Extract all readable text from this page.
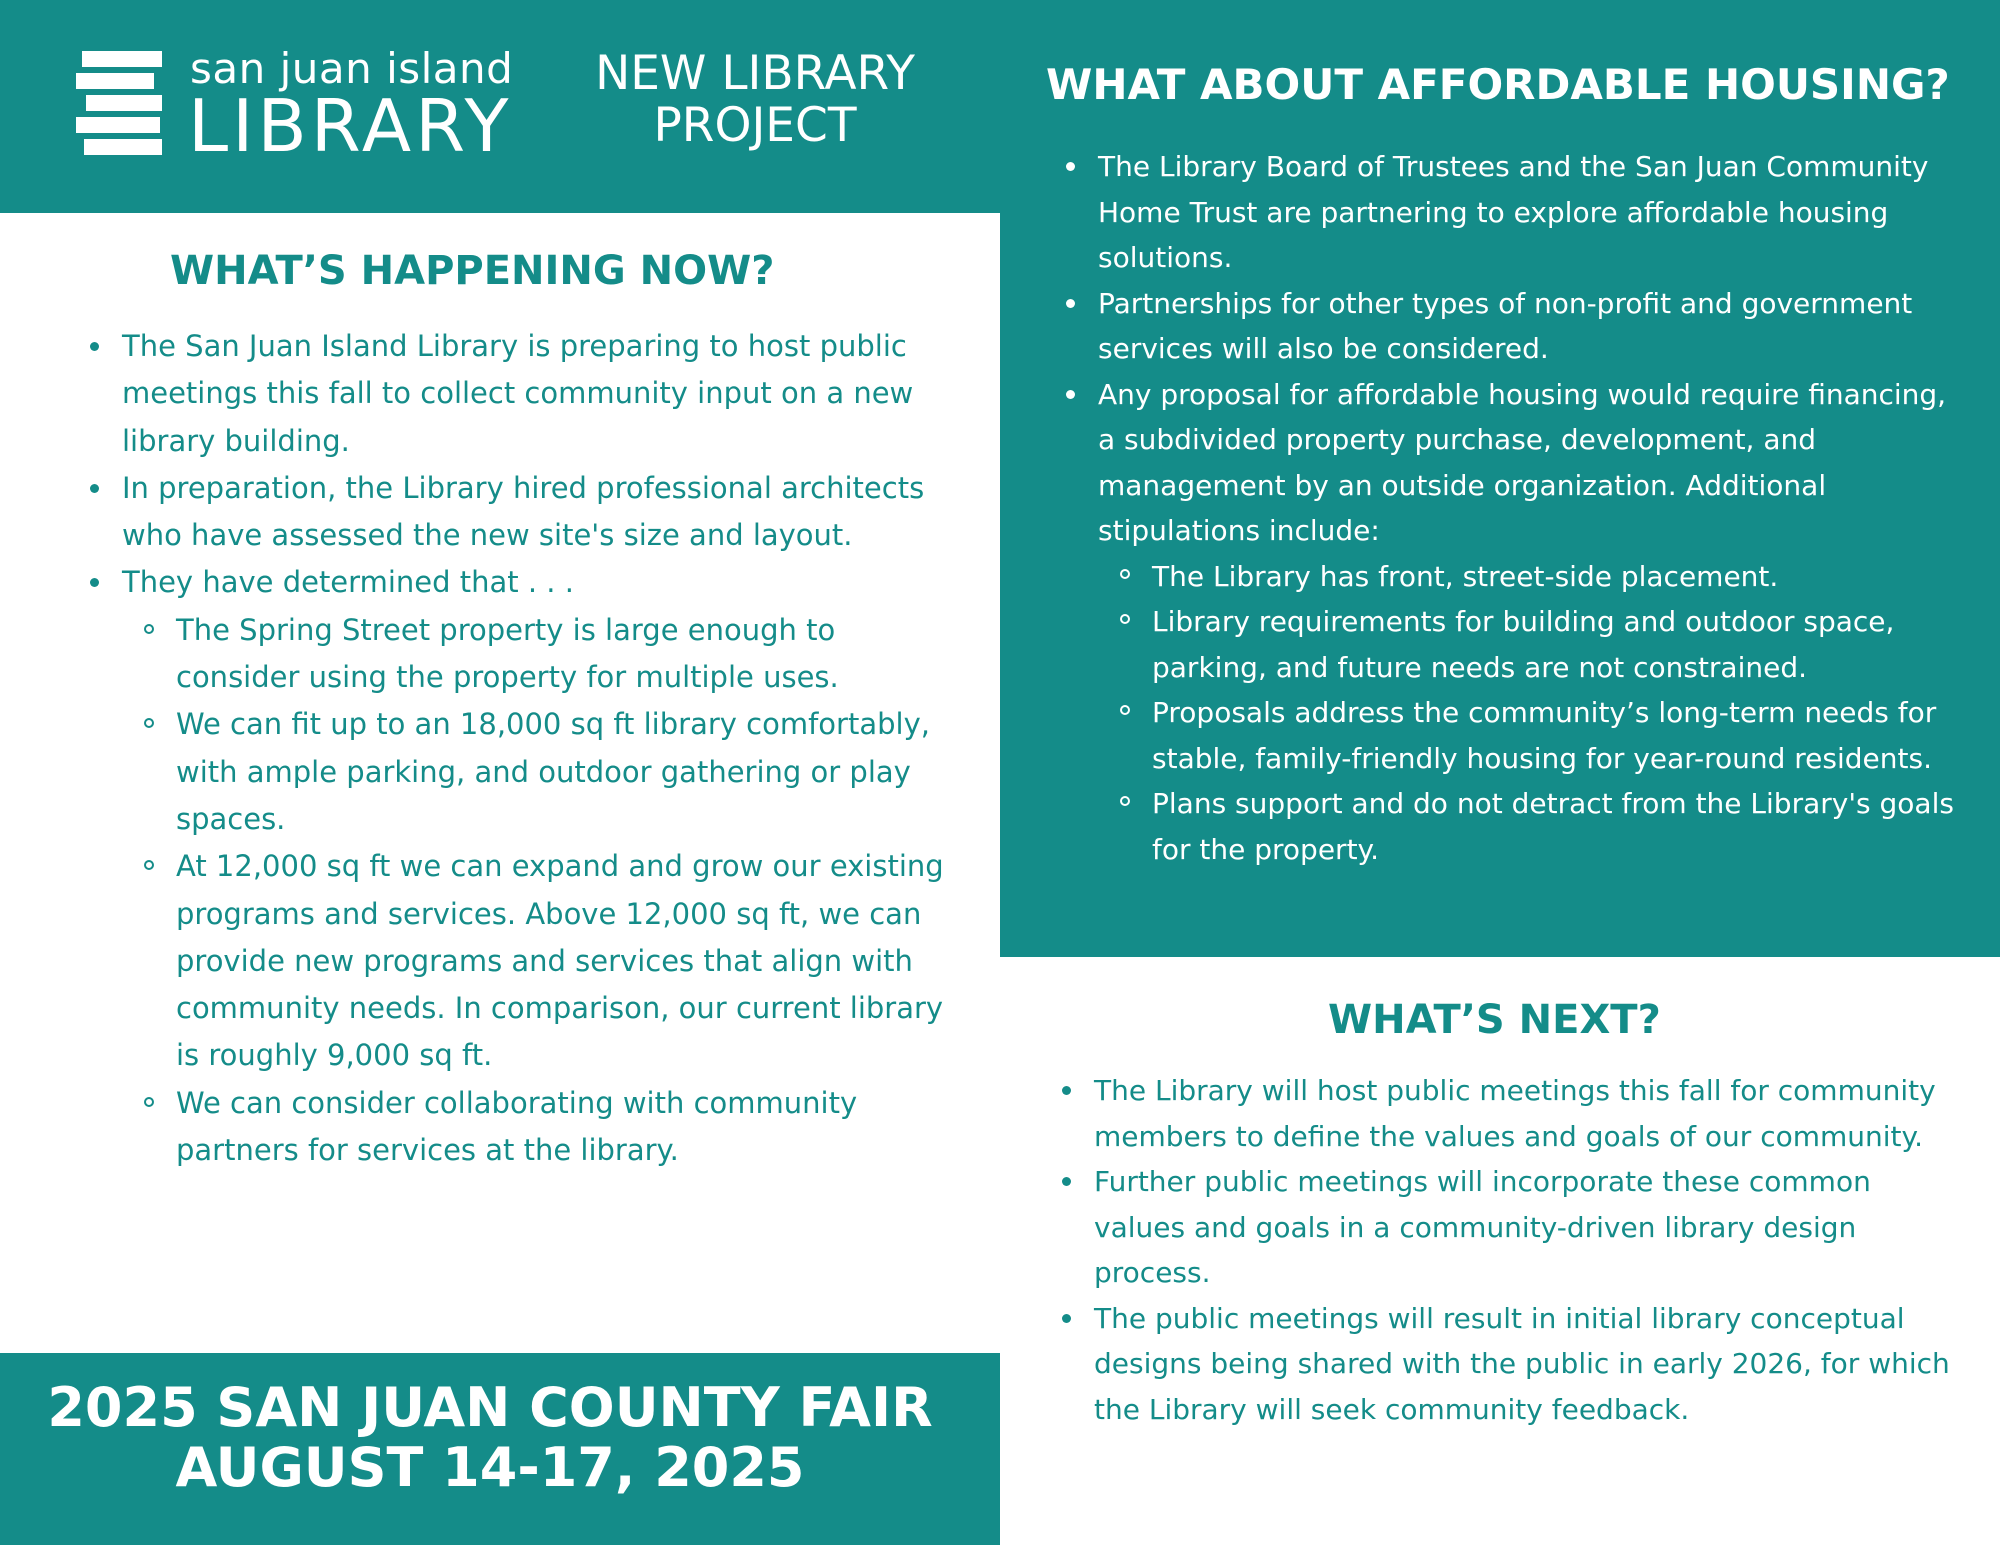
san juan island
LIBRARY
NEW LIBRARY
PROJECT
WHAT’S HAPPENING NOW?
The San Juan Island Library is preparing to host public meetings this fall to collect community input on a new library building.
In preparation, the Library hired professional architects who have assessed the new site's size and layout.
They have determined that . . .
The Spring Street property is large enough to consider using the property for multiple uses.
We can fit up to an 18,000 sq ft library comfortably, with ample parking, and outdoor gathering or play spaces.
At 12,000 sq ft we can expand and grow our existing programs and services. Above 12,000 sq ft, we can provide new programs and services that align with community needs. In comparison, our current library is roughly 9,000 sq ft.
We can consider collaborating with community partners for services at the library.
2025 SAN JUAN COUNTY FAIR
AUGUST 14-17, 2025
WHAT ABOUT AFFORDABLE HOUSING?
The Library Board of Trustees and the San Juan Community Home Trust are partnering to explore affordable housing solutions.
Partnerships for other types of non-profit and government services will also be considered.
Any proposal for affordable housing would require financing, a subdivided property purchase, development, and management by an outside organization. Additional stipulations include:
The Library has front, street-side placement.
Library requirements for building and outdoor space, parking, and future needs are not constrained.
Proposals address the community’s long-term needs for stable, family-friendly housing for year-round residents.
Plans support and do not detract from the Library's goals for the property.
WHAT’S NEXT?
The Library will host public meetings this fall for community members to define the values and goals of our community.
Further public meetings will incorporate these common values and goals in a community-driven library design process.
The public meetings will result in initial library conceptual designs being shared with the public in early 2026, for which the Library will seek community feedback.
